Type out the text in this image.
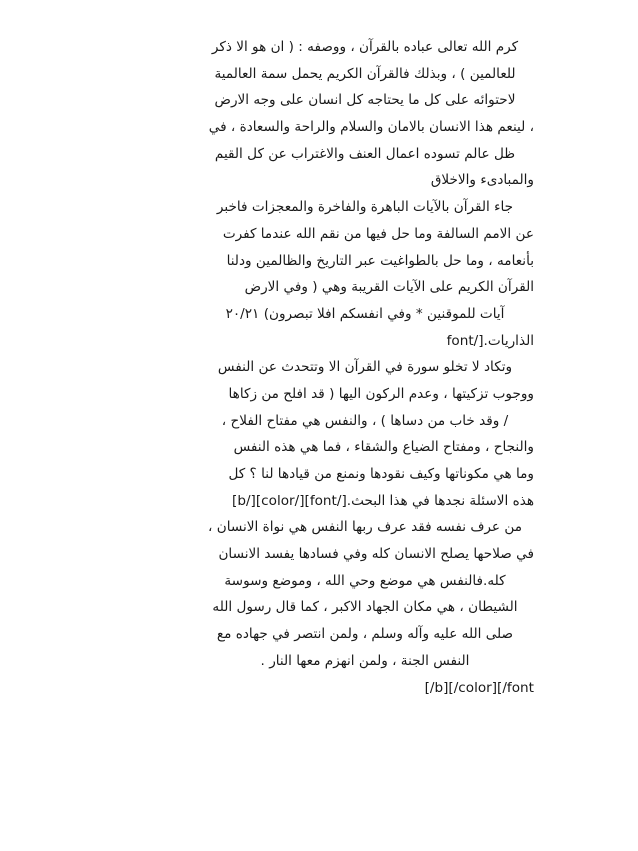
كرم الله تعالى عباده بالقرآن ، ووصفه : ( ان هو الا ذكر
للعالمين ) ، وبذلك فالقرآن الكريم يحمل سمة العالمية
لاحتوائه على كل ما يحتاجه كل انسان على وجه الارض
، لينعم هذا الانسان بالامان والسلام والراحة والسعادة ، في
ظل عالم تسوده اعمال العنف والاغتراب عن كل القيم
والمبادىء والاخلاق
جاء القرآن بالآيات الباهرة والفاخرة والمعجزات فاخبر
عن الامم السالفة وما حل فيها من نقم الله عندما كفرت
بأنعامه ، وما حل بالطواغيت عبر التاريخ والظالمين ودلنا
القرآن الكريم على الآيات القريبة وهي ( وفي الارض
آيات للموقنين * وفي انفسكم افلا تبصرون) ٢٠/٢١
الذاريات.[/font
وتكاد لا تخلو سورة في القرآن الا وتتحدث عن النفس
ووجوب تزكيتها ، وعدم الركون اليها ( قد افلح من زكاها
/ وقد خاب من دساها ) ، والنفس هي مفتاح الفلاح ،
والنجاح ، ومفتاح الضياع والشقاء ، فما هي هذه النفس
وما هي مكوناتها وكيف نقودها ونمنع من قيادها لنا ؟ كل
هذه الاسئلة نجدها في هذا البحث.[/font][/color][/b]
من عرف نفسه فقد عرف ربها النفس هي نواة الانسان ،
في صلاحها يصلح الانسان كله وفي فسادها يفسد الانسان
كله.فالنفس هي موضع وحي الله ، وموضع وسوسة
الشيطان ، هي مكان الجهاد الاكبر ، كما قال رسول الله
صلى الله عليه وآله وسلم ، ولمن انتصر في جهاده مع
النفس الجنة ، ولمن انهزم معها النار .
[/b][/color][/font
